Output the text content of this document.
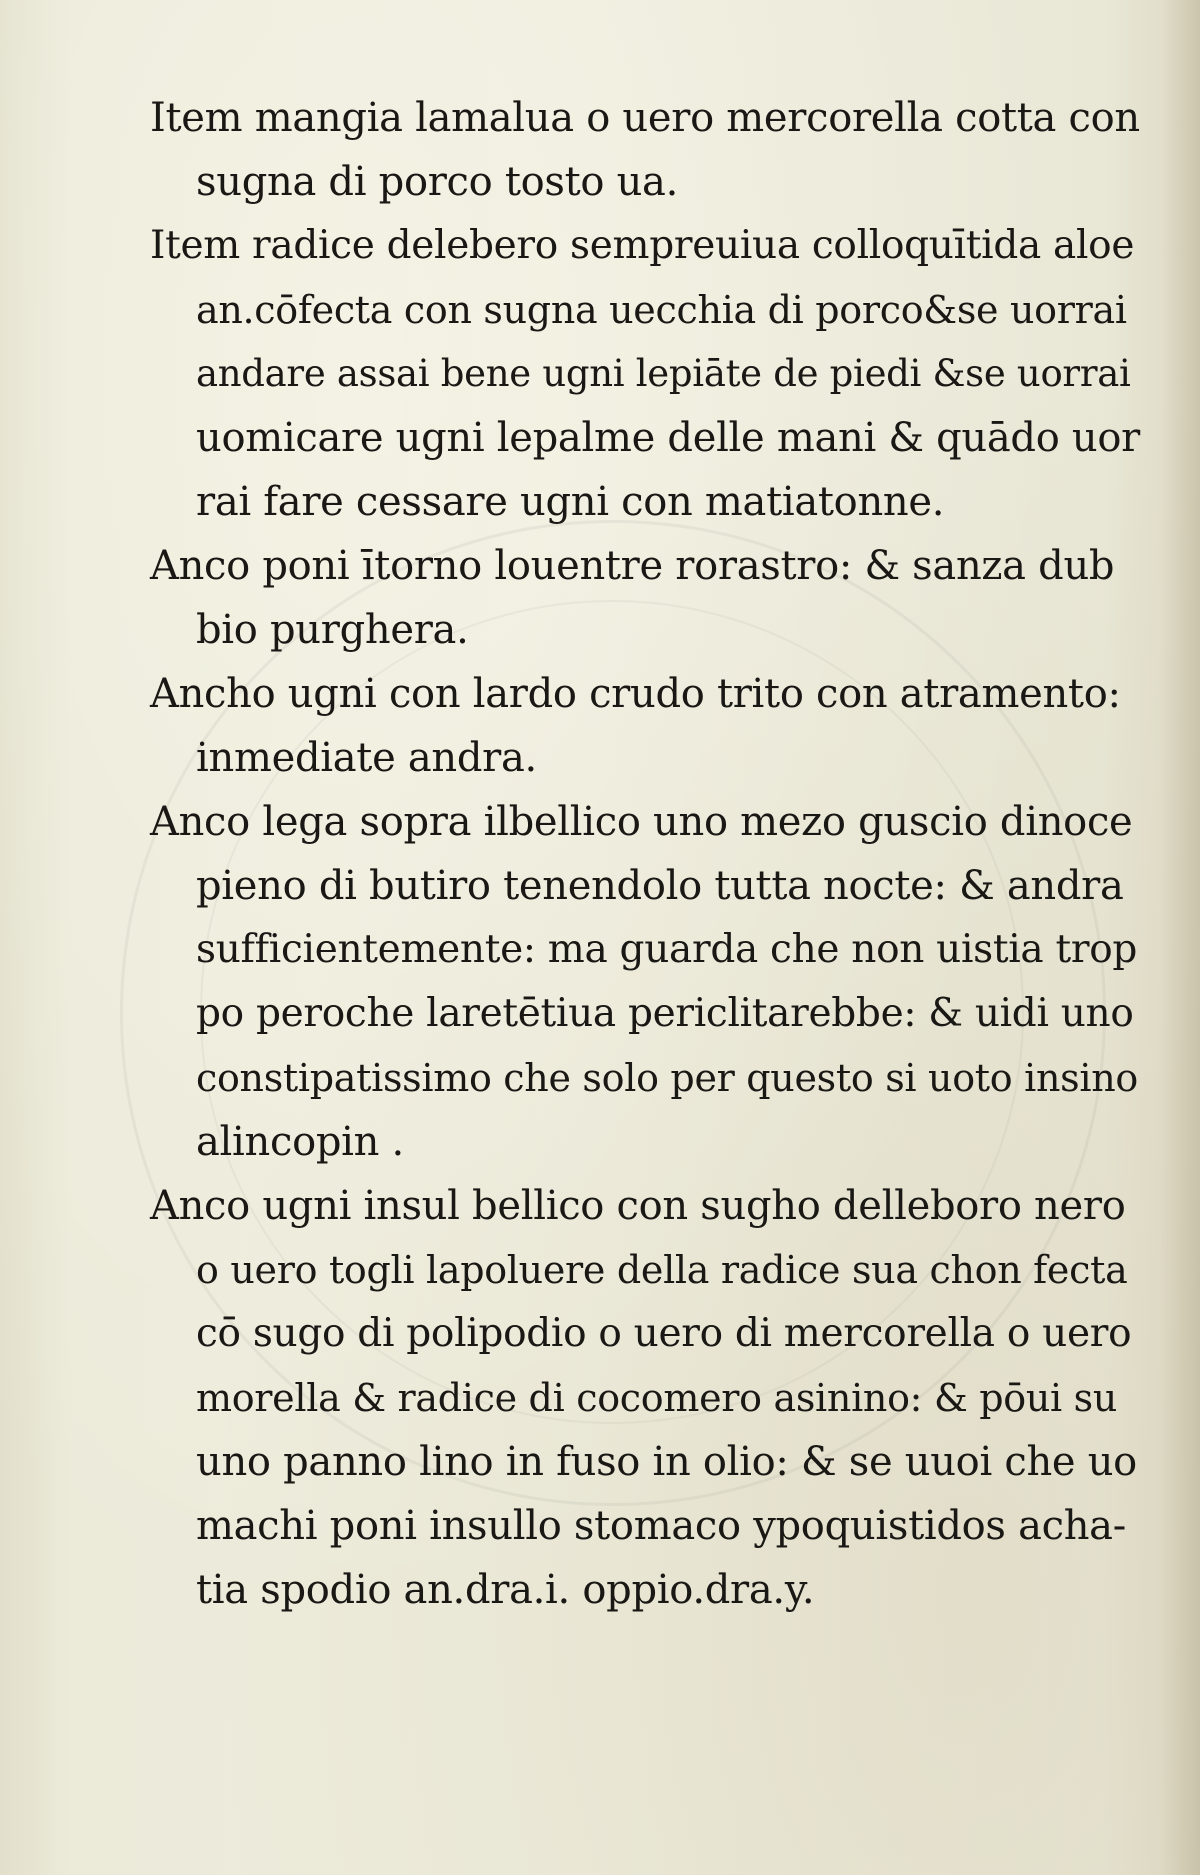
Item mangia lamalua o uero mercorella cotta con
sugna di porco tosto ua.
Item radice delebero sempreuiua colloquītida aloe
an.cōfecta con sugna uecchia di porco&se uorrai
andare assai bene ugni lepiāte de piedi &se uorrai
uomicare ugni lepalme delle mani & quādo uor
rai fare cessare ugni con matiatonne.
Anco poni ītorno louentre rorastro: & sanza dub
bio purghera.
Ancho ugni con lardo crudo trito con atramento:
inmediate andra.
Anco lega sopra ilbellico uno mezo guscio dinoce
pieno di butiro tenendolo tutta nocte: & andra
sufficientemente: ma guarda che non uistia trop
po peroche laretētiua periclitarebbe: & uidi uno
constipatissimo che solo per questo si uoto insino
alincopin .
Anco ugni insul bellico con sugho delleboro nero
o uero togli lapoluere della radice sua chon fecta
cō sugo di polipodio o uero di mercorella o uero
morella & radice di cocomero asinino: & pōui su
uno panno lino in fuso in olio: & se uuoi che uo
machi poni insullo stomaco ypoquistidos acha-
tia spodio an.dra.i. oppio.dra.y.
